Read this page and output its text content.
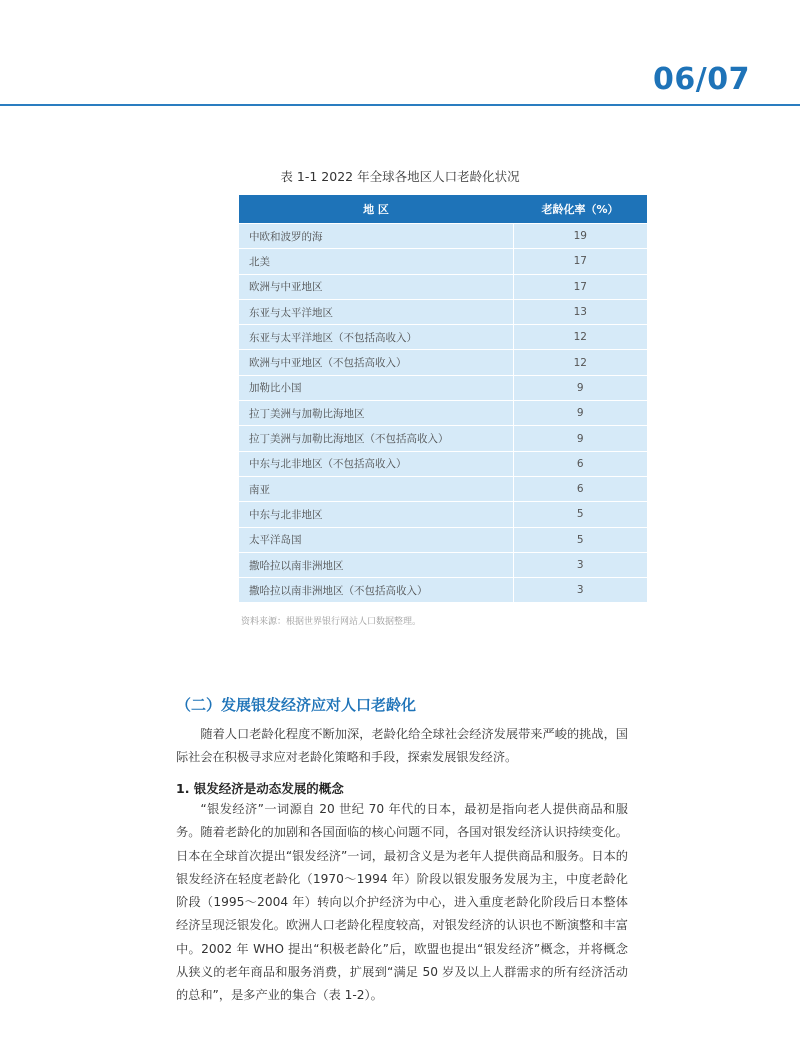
06/07
表 1-1 2022 年全球各地区人口老龄化状况
地 区	老龄化率（%）
中欧和波罗的海	19
北美	17
欧洲与中亚地区	17
东亚与太平洋地区	13
东亚与太平洋地区（不包括高收入）	12
欧洲与中亚地区（不包括高收入）	12
加勒比小国	9
拉丁美洲与加勒比海地区	9
拉丁美洲与加勒比海地区（不包括高收入）	9
中东与北非地区（不包括高收入）	6
南亚	6
中东与北非地区	5
太平洋岛国	5
撒哈拉以南非洲地区	3
撒哈拉以南非洲地区（不包括高收入）	3
资料来源：根据世界银行网站人口数据整理。
（二）发展银发经济应对人口老龄化

随着人口老龄化程度不断加深，老龄化给全球社会经济发展带来严峻的挑战，国际社会在积极寻求应对老龄化策略和手段，探索发展银发经济。

1. 银发经济是动态发展的概念

“银发经济”一词源自 20 世纪 70 年代的日本，最初是指向老人提供商品和服务。随着老龄化的加剧和各国面临的核心问题不同，各国对银发经济认识持续变化。日本在全球首次提出“银发经济”一词，最初含义是为老年人提供商品和服务。日本的银发经济在轻度老龄化（1970～1994 年）阶段以银发服务发展为主，中度老龄化阶段（1995～2004 年）转向以介护经济为中心，进入重度老龄化阶段后日本整体经济呈现泛银发化。欧洲人口老龄化程度较高，对银发经济的认识也不断演整和丰富中。2002 年 WHO 提出“积极老龄化”后，欧盟也提出“银发经济”概念，并将概念从狭义的老年商品和服务消费，扩展到“满足 50 岁及以上人群需求的所有经济活动的总和”，是多产业的集合（表 1-2）。
